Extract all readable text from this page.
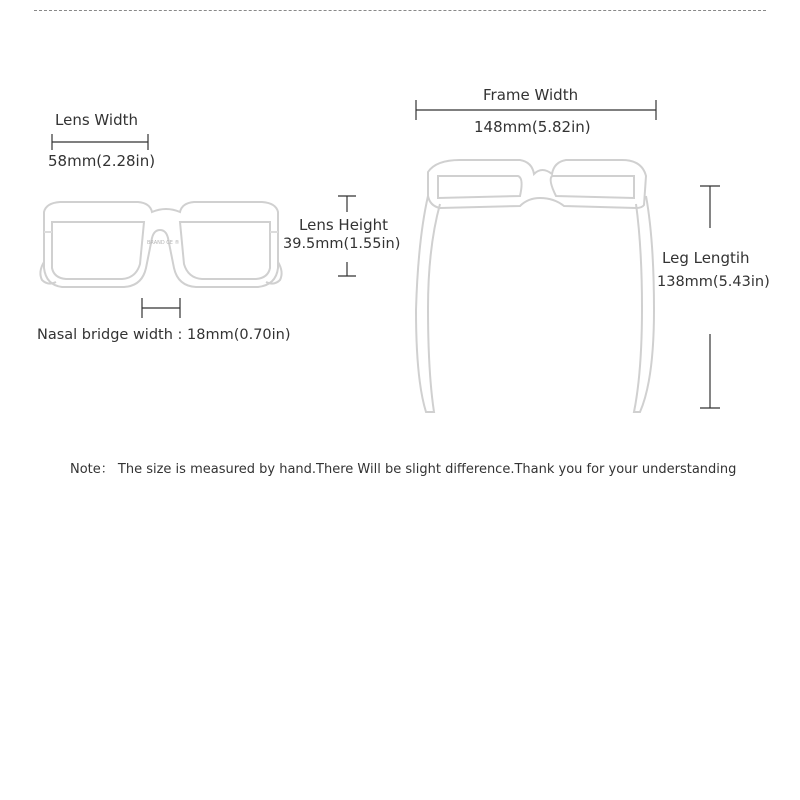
BRAND CE ®
Lens Width
58mm(2.28in)
Lens Height
39.5mm(1.55in)
Nasal bridge width : 18mm(0.70in)
Frame Width
148mm(5.82in)
Leg Lengtih
138mm(5.43in)
Note： The size is measured by hand.There Will be slight difference.Thank you for your understanding
